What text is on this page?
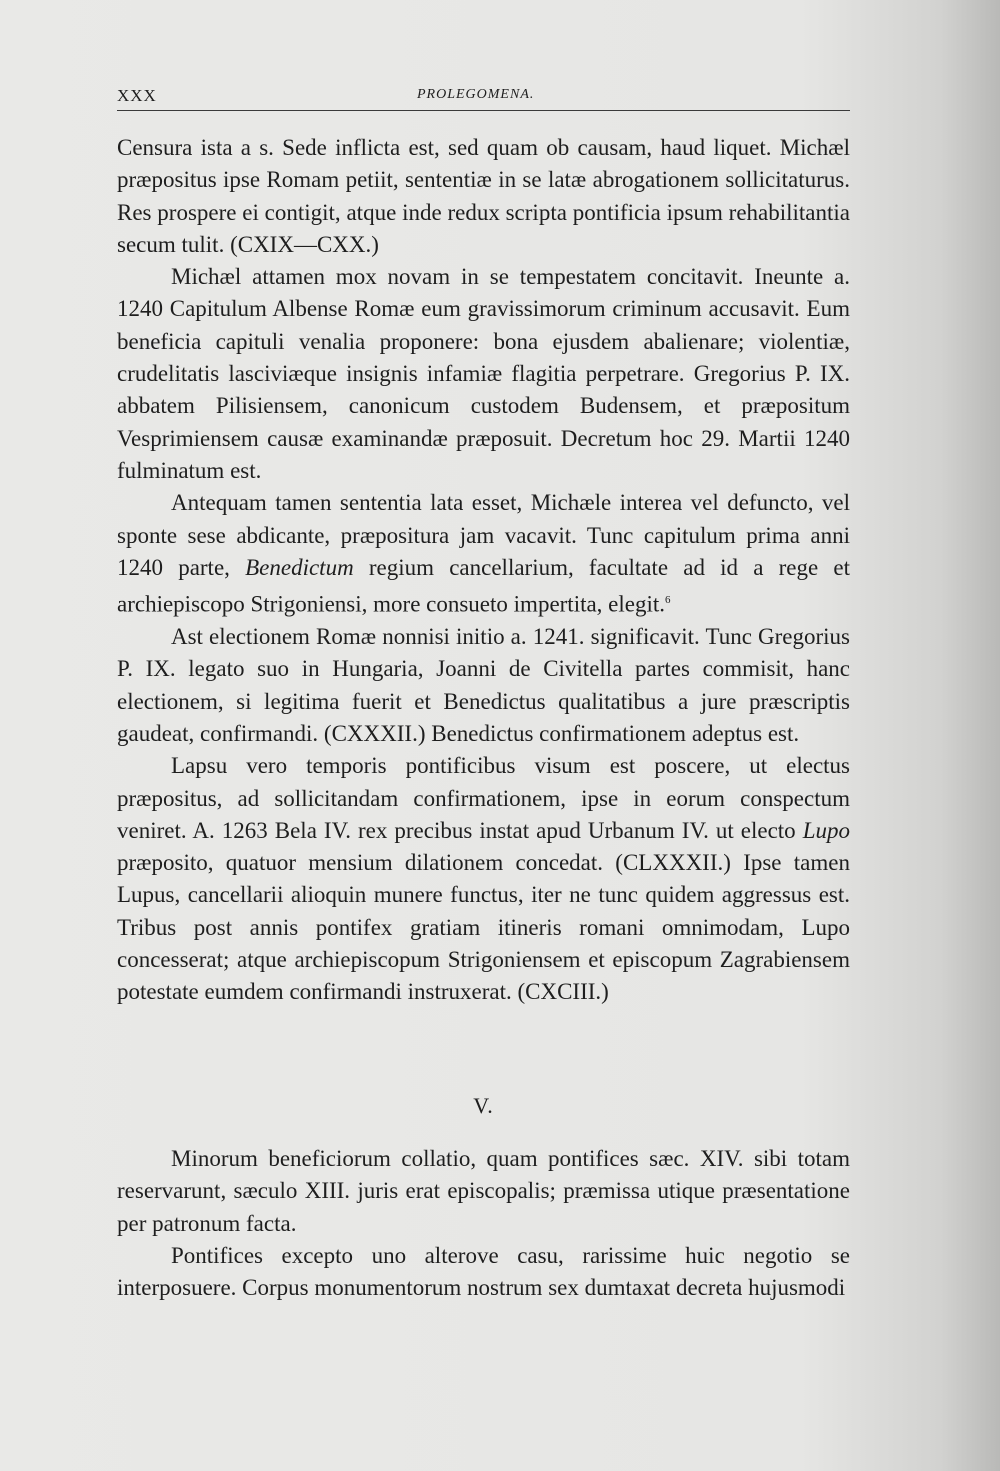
XXX	PROLEGOMENA.

Censura ista a s. Sede inflicta est, sed quam ob causam, haud liquet. Michæl præpositus ipse Romam petiit, sententiæ in se latæ abrogationem sollicitaturus. Res prospere ei contigit, atque inde redux scripta pontificia ipsum rehabilitantia secum tulit. (CXIX—CXX.)

Michæl attamen mox novam in se tempestatem concitavit. Ineunte a. 1240 Capitulum Albense Romæ eum gravissimorum criminum accusavit. Eum beneficia capituli venalia proponere: bona ejusdem abalienare; violentiæ, crudelitatis lasciviæque insignis infamiæ flagitia perpetrare. Gregorius P. IX. abbatem Pilisiensem, canonicum custodem Budensem, et præpositum Vesprimiensem causæ examinandæ præposuit. Decretum hoc 29. Martii 1240 fulminatum est.

Antequam tamen sententia lata esset, Michæle interea vel defuncto, vel sponte sese abdicante, præpositura jam vacavit. Tunc capitulum prima anni 1240 parte, Benedictum regium cancellarium, facultate ad id a rege et archiepiscopo Strigoniensi, more consueto impertita, elegit.$^6$

Ast electionem Romæ nonnisi initio a. 1241. significavit. Tunc Gregorius P. IX. legato suo in Hungaria, Joanni de Civitella partes commisit, hanc electionem, si legitima fuerit et Benedictus qualitatibus a jure præscriptis gaudeat, confirmandi. (CXXXII.) Benedictus confirmationem adeptus est.

Lapsu vero temporis pontificibus visum est poscere, ut electus præpositus, ad sollicitandam confirmationem, ipse in eorum conspectum veniret. A. 1263 Bela IV. rex precibus instat apud Urbanum IV. ut electo Lupo præposito, quatuor mensium dilationem concedat. (CLXXXII.) Ipse tamen Lupus, cancellarii alioquin munere functus, iter ne tunc quidem aggressus est. Tribus post annis pontifex gratiam itineris romani omnimodam, Lupo concesserat; atque archiepiscopum Strigoniensem et episcopum Zagrabiensem potestate eumdem confirmandi instruxerat. (CXCIII.)

V.

Minorum beneficiorum collatio, quam pontifices sæc. XIV. sibi totam reservarunt, sæculo XIII. juris erat episcopalis; præmissa utique præsentatione per patronum facta.

Pontifices excepto uno alterove casu, rarissime huic negotio se interposuere. Corpus monumentorum nostrum sex dumtaxat decreta hujusmodi
